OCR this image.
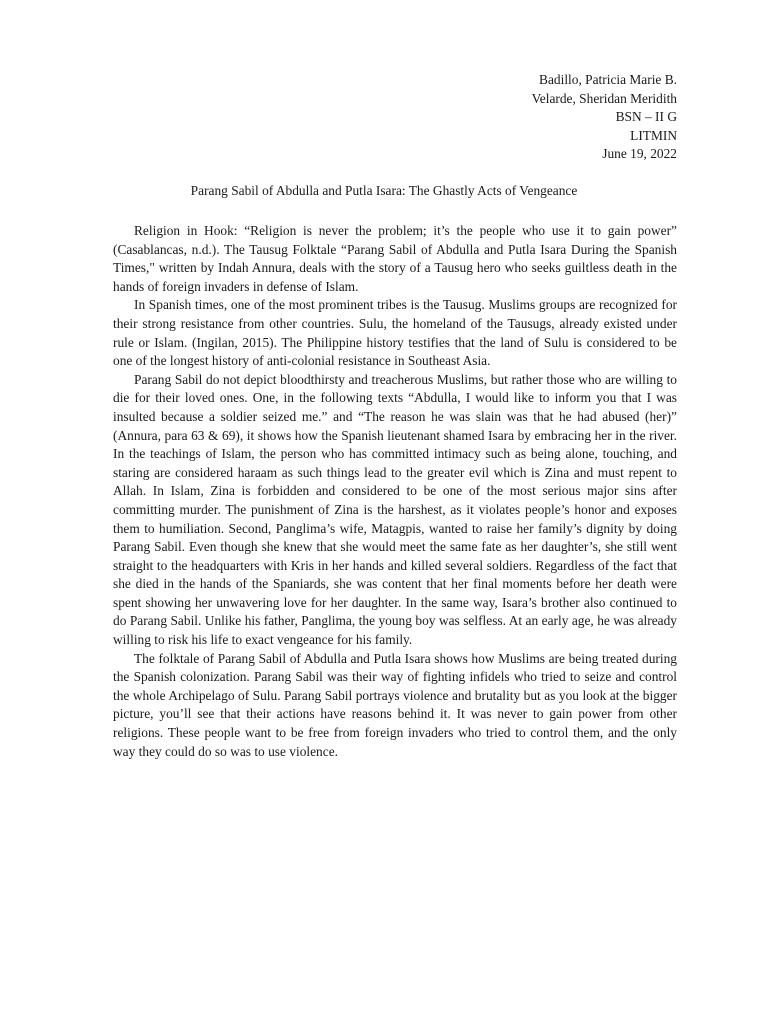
Badillo, Patricia Marie B.
Velarde, Sheridan Meridith
BSN – II G
LITMIN
June 19, 2022
Parang Sabil of Abdulla and Putla Isara: The Ghastly Acts of Vengeance

Religion in Hook: “Religion is never the problem; it’s the people who use it to gain power” (Casablancas, n.d.). The Tausug Folktale “Parang Sabil of Abdulla and Putla Isara During the Spanish Times," written by Indah Annura, deals with the story of a Tausug hero who seeks guiltless death in the hands of foreign invaders in defense of Islam.

In Spanish times, one of the most prominent tribes is the Tausug. Muslims groups are recognized for their strong resistance from other countries. Sulu, the homeland of the Tausugs, already existed under rule or Islam. (Ingilan, 2015). The Philippine history testifies that the land of Sulu is considered to be one of the longest history of anti-colonial resistance in Southeast Asia.

Parang Sabil do not depict bloodthirsty and treacherous Muslims, but rather those who are willing to die for their loved ones. One, in the following texts “Abdulla, I would like to inform you that I was insulted because a soldier seized me.” and “The reason he was slain was that he had abused (her)” (Annura, para 63 & 69), it shows how the Spanish lieutenant shamed Isara by embracing her in the river. In the teachings of Islam, the person who has committed intimacy such as being alone, touching, and staring are considered haraam as such things lead to the greater evil which is Zina and must repent to Allah. In Islam, Zina is forbidden and considered to be one of the most serious major sins after committing murder. The punishment of Zina is the harshest, as it violates people’s honor and exposes them to humiliation. Second, Panglima’s wife, Matagpis, wanted to raise her family’s dignity by doing Parang Sabil. Even though she knew that she would meet the same fate as her daughter’s, she still went straight to the headquarters with Kris in her hands and killed several soldiers. Regardless of the fact that she died in the hands of the Spaniards, she was content that her final moments before her death were spent showing her unwavering love for her daughter. In the same way, Isara’s brother also continued to do Parang Sabil. Unlike his father, Panglima, the young boy was selfless. At an early age, he was already willing to risk his life to exact vengeance for his family.

The folktale of Parang Sabil of Abdulla and Putla Isara shows how Muslims are being treated during the Spanish colonization. Parang Sabil was their way of fighting infidels who tried to seize and control the whole Archipelago of Sulu. Parang Sabil portrays violence and brutality but as you look at the bigger picture, you’ll see that their actions have reasons behind it. It was never to gain power from other religions. These people want to be free from foreign invaders who tried to control them, and the only way they could do so was to use violence.
